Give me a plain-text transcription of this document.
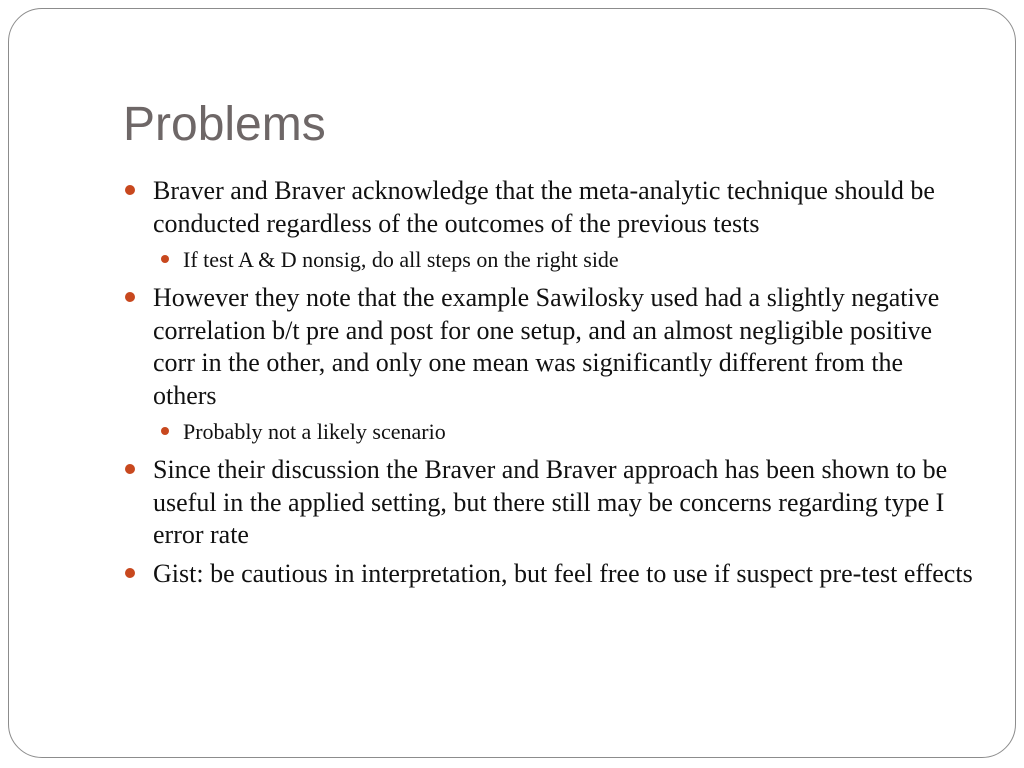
Problems
Braver and Braver acknowledge that the meta-analytic technique should be conducted regardless of the outcomes of the previous tests
If test A & D nonsig, do all steps on the right side
However they note that the example Sawilosky used had a slightly negative correlation b/t pre and post for one setup, and an almost negligible positive corr in the other, and only one mean was significantly different from the others
Probably not a likely scenario
Since their discussion the Braver and Braver approach has been shown to be useful in the applied setting, but there still may be concerns regarding type I error rate
Gist: be cautious in interpretation, but feel free to use if suspect pre-test effects
